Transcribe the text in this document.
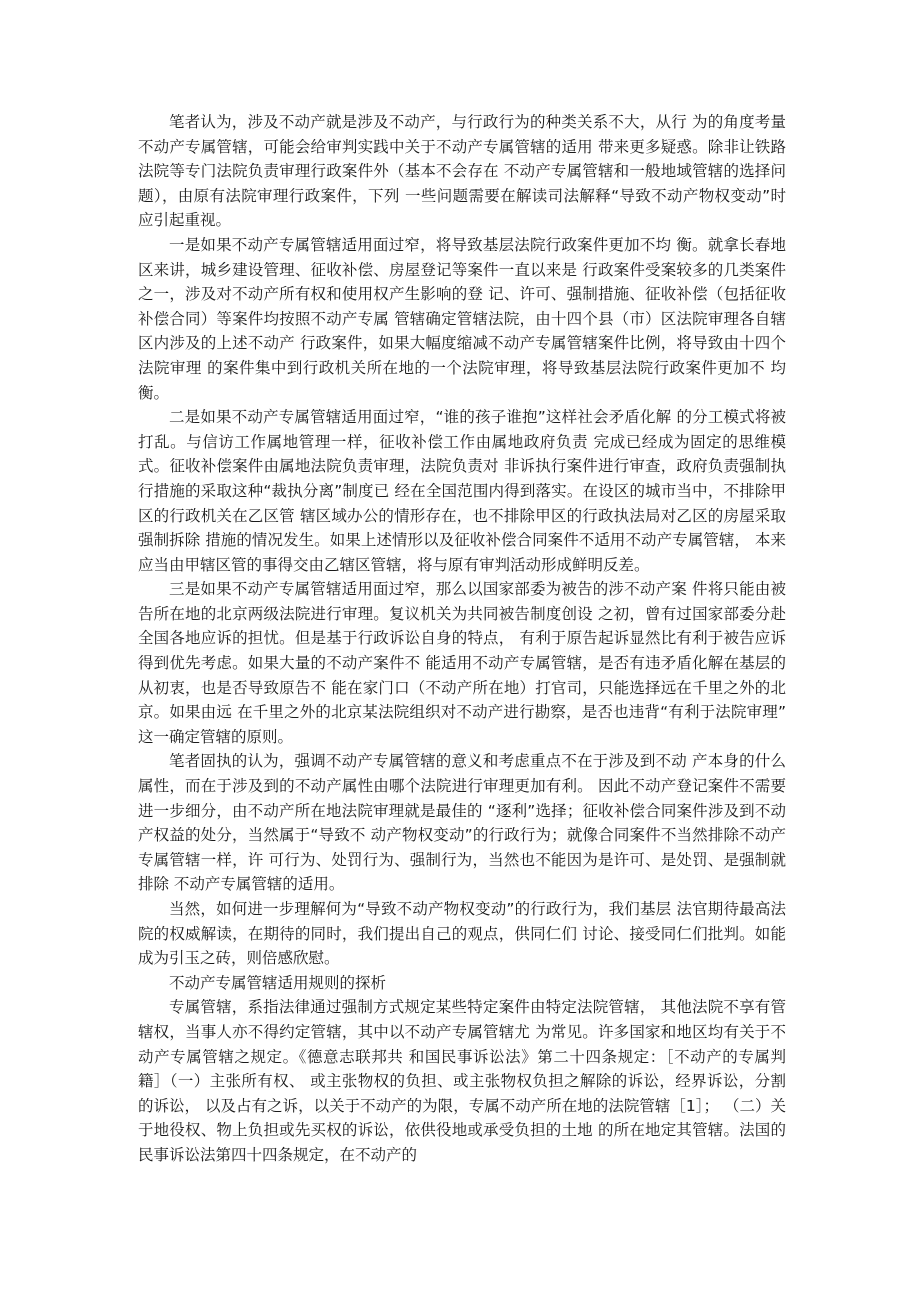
笔者认为，涉及不动产就是涉及不动产，与行政行为的种类关系不大，从行 为的角度考量不动产专属管辖，可能会给审判实践中关于不动产专属管辖的适用 带来更多疑惑。除非让铁路法院等专门法院负责审理行政案件外（基本不会存在 不动产专属管辖和一般地域管辖的选择问题），由原有法院审理行政案件，下列 一些问题需要在解读司法解释“导致不动产物权变动”时应引起重视。

一是如果不动产专属管辖适用面过窄，将导致基层法院行政案件更加不均 衡。就拿长春地区来讲，城乡建设管理、征收补偿、房屋登记等案件一直以来是 行政案件受案较多的几类案件之一，涉及对不动产所有权和使用权产生影响的登 记、许可、强制措施、征收补偿（包括征收补偿合同）等案件均按照不动产专属 管辖确定管辖法院，由十四个县（市）区法院审理各自辖区内涉及的上述不动产 行政案件，如果大幅度缩减不动产专属管辖案件比例，将导致由十四个法院审理 的案件集中到行政机关所在地的一个法院审理，将导致基层法院行政案件更加不 均衡。

二是如果不动产专属管辖适用面过窄，“谁的孩子谁抱”这样社会矛盾化解 的分工模式将被打乱。与信访工作属地管理一样，征收补偿工作由属地政府负责 完成已经成为固定的思维模式。征收补偿案件由属地法院负责审理，法院负责对 非诉执行案件进行审查，政府负责强制执行措施的采取这种“裁执分离”制度已 经在全国范围内得到落实。在设区的城市当中，不排除甲区的行政机关在乙区管 辖区域办公的情形存在，也不排除甲区的行政执法局对乙区的房屋采取强制拆除 措施的情况发生。如果上述情形以及征收补偿合同案件不适用不动产专属管辖， 本来应当由甲辖区管的事得交由乙辖区管辖，将与原有审判活动形成鲜明反差。

三是如果不动产专属管辖适用面过窄，那么以国家部委为被告的涉不动产案 件将只能由被告所在地的北京两级法院进行审理。复议机关为共同被告制度创设 之初，曾有过国家部委分赴全国各地应诉的担忧。但是基于行政诉讼自身的特点， 有利于原告起诉显然比有利于被告应诉得到优先考虑。如果大量的不动产案件不 能适用不动产专属管辖，是否有违矛盾化解在基层的从初衷，也是否导致原告不 能在家门口（不动产所在地）打官司，只能选择远在千里之外的北京。如果由远 在千里之外的北京某法院组织对不动产进行勘察，是否也违背“有利于法院审理” 这一确定管辖的原则。

笔者固执的认为，强调不动产专属管辖的意义和考虑重点不在于涉及到不动 产本身的什么属性，而在于涉及到的不动产属性由哪个法院进行审理更加有利。 因此不动产登记案件不需要进一步细分，由不动产所在地法院审理就是最佳的 “逐利”选择；征收补偿合同案件涉及到不动产权益的处分，当然属于“导致不 动产物权变动”的行政行为；就像合同案件不当然排除不动产专属管辖一样，许 可行为、处罚行为、强制行为，当然也不能因为是许可、是处罚、是强制就排除 不动产专属管辖的适用。

当然，如何进一步理解何为“导致不动产物权变动”的行政行为，我们基层 法官期待最高法院的权威解读，在期待的同时，我们提出自己的观点，供同仁们 讨论、接受同仁们批判。如能成为引玉之砖，则倍感欣慰。

不动产专属管辖适用规则的探析

专属管辖，系指法律通过强制方式规定某些特定案件由特定法院管辖， 其他法院不享有管辖权，当事人亦不得约定管辖，其中以不动产专属管辖尤 为常见。许多国家和地区均有关于不动产专属管辖之规定。《德意志联邦共 和国民事诉讼法》第二十四条规定：［不动产的专属判籍］（一）主张所有权、 或主张物权的负担、或主张物权负担之解除的诉讼，经界诉讼，分割的诉讼， 以及占有之诉，以关于不动产的为限，专属不动产所在地的法院管辖［1］； （二）关于地役权、物上负担或先买权的诉讼，依供役地或承受负担的土地 的所在地定其管辖。法国的民事诉讼法第四十四条规定，在不动产的
